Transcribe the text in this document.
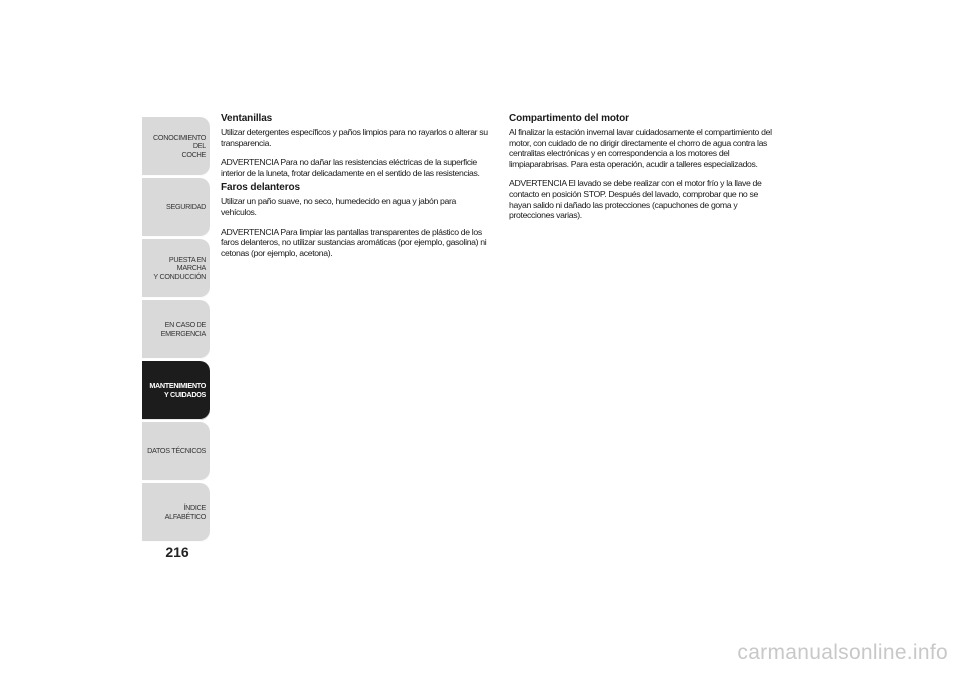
CONOCIMIENTO DEL
COCHE
SEGURIDAD
PUESTA EN MARCHA
Y CONDUCCIÓN
EN CASO DE
EMERGENCIA
MANTENIMIENTO
Y CUIDADOS
DATOS TÉCNICOS
ÍNDICE ALFABÉTICO
216
Ventanillas

Utilizar detergentes específicos y paños limpios para no rayarlos o alterar su transparencia.

ADVERTENCIA Para no dañar las resistencias eléctricas de la superficie interior de la luneta, frotar delicadamente en el sentido de las resistencias.

Faros delanteros

Utilizar un paño suave, no seco, humedecido en agua y jabón para vehículos.

ADVERTENCIA Para limpiar las pantallas transparentes de plástico de los faros delanteros, no utilizar sustancias aromáticas (por ejemplo, gasolina) ni cetonas (por ejemplo, acetona).

Compartimento del motor

Al finalizar la estación invernal lavar cuidadosamente el compartimiento del motor, con cuidado de no dirigir directamente el chorro de agua contra las centralitas electrónicas y en correspondencia a los motores del limpiaparabrisas. Para esta operación, acudir a talleres especializados.

ADVERTENCIA El lavado se debe realizar con el motor frío y la llave de contacto en posición STOP. Después del lavado, comprobar que no se hayan salido ni dañado las protecciones (capuchones de goma y protecciones varias).

carmanualsonline.info
